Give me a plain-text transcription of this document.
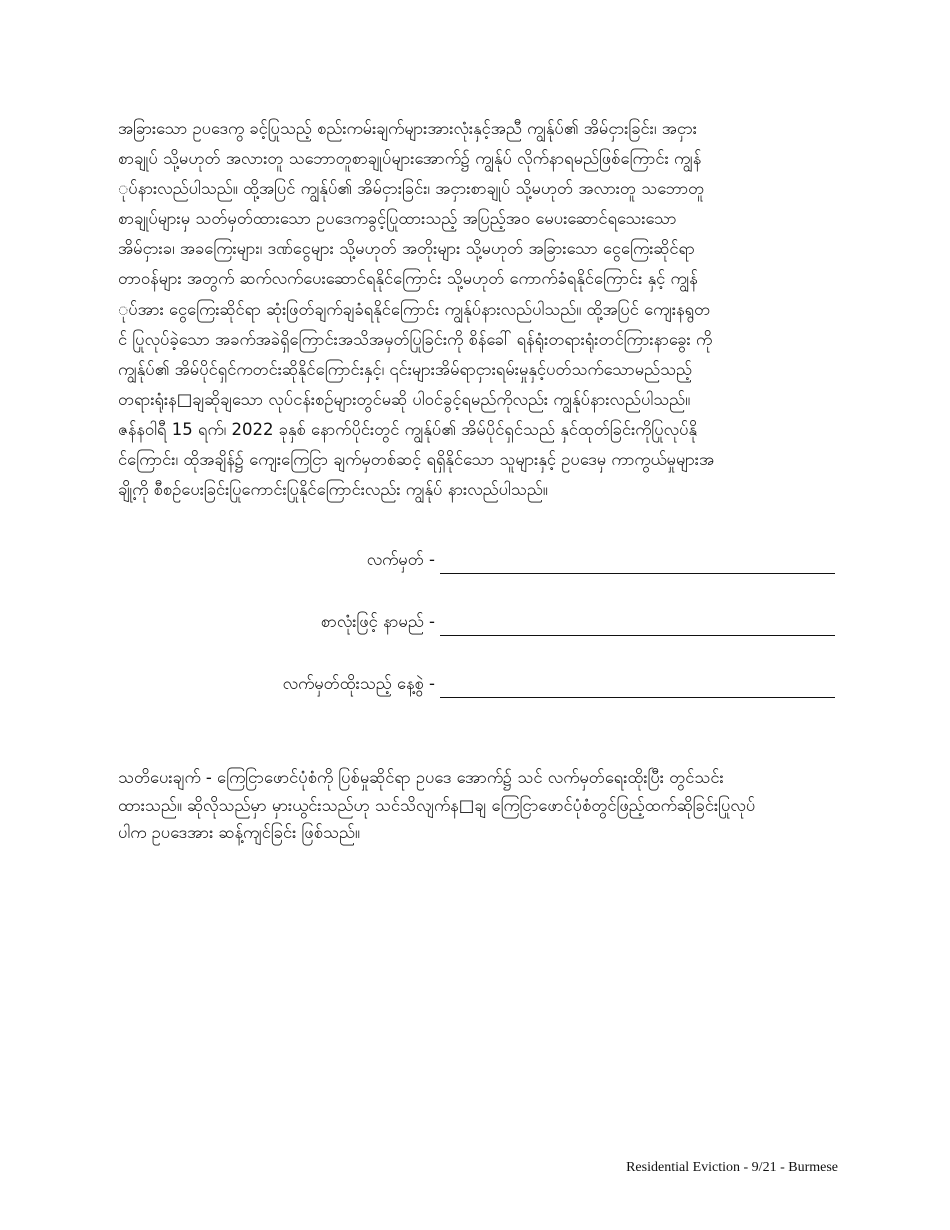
အခြားသော ဥပဒေကွ ခင့်ပြုသည့် စည်းကမ်းချက်များအားလုံးနှင့်အညီ ကျွန်ုပ်၏ အိမ်ငှားခြင်း၊ အငှား
စာချုပ် သို့မဟုတ် အလားတူ သဘောတူစာချုပ်များအောက်၌ ကျွန်ုပ် လိုက်နာရမည်ဖြစ်ကြောင်း ကျွန်
ုပ်နားလည်ပါသည်။ ထို့အပြင် ကျွန်ုပ်၏ အိမ်ငှားခြင်း၊ အငှားစာချုပ် သို့မဟုတ် အလားတူ သဘောတူ
စာချုပ်များမှ သတ်မှတ်ထားသော ဥပဒေကခွင့်ပြုထားသည့် အပြည့်အဝ မေပးဆောင်ရသေးသော
အိမ်ငှားခ၊ အခကြေးများ၊ ဒဏ်ငွေများ သို့မဟုတ် အတိုးများ သို့မဟုတ် အခြားသော ငွေကြေးဆိုင်ရာ
တာဝန်များ အတွက် ဆက်လက်ပေးဆောင်ရနိုင်ကြောင်း သို့မဟုတ် ကောက်ခံရနိုင်ကြောင်း နှင့် ကျွန်
ုပ်အား ငွေကြေးဆိုင်ရာ ဆုံးဖြတ်ချက်ချခံရနိုင်ကြောင်း ကျွန်ုပ်နားလည်ပါသည်။ ထို့အပြင် ကျေးနရွတ
င် ပြုလုပ်ခဲ့သော အခက်အခဲရှိကြောင်းအသိအမှတ်ပြုခြင်းကို စိန်ခေါ် ရန်ရုံးတရားရုံးတင်ကြားနာခွေး ကို
ကျွန်ုပ်၏ အိမ်ပိုင်ရှင်ကတင်းဆိုနိုင်ကြောင်းနှင့်၊ ၎င်းများအိမ်ရာငှားရမ်းမှုနှင့်ပတ်သက်သောမည်သည့်
တရားရုံးန□ချဆိုချသော လုပ်ငန်းစဉ်များတွင်မဆို ပါဝင်ခွင့်ရမည်ကိုလည်း ကျွန်ုပ်နားလည်ပါသည်။
ဇန်နဝါရီ 15 ရက်၊ 2022 ခုနှစ် နောက်ပိုင်းတွင် ကျွန်ုပ်၏ အိမ်ပိုင်ရှင်သည် နှင်ထုတ်ခြင်းကိုပြုလုပ်နို
င်ကြောင်း၊ ထိုအချိန်၌ ကျေးကြေငြာ ချက်မှတစ်ဆင့် ရရှိနိုင်သော သူများနှင့် ဥပဒေမှ ကာကွယ်မှုများအ
ချို့ကို စီစဉ်ပေးခြင်းပြုကောင်းပြုနိုင်ကြောင်းလည်း ကျွန်ုပ် နားလည်ပါသည်။
လက်မှတ် -
စာလုံးဖြင့် နာမည် -
လက်မှတ်ထိုးသည့် နေ့စွဲ -
သတိပေးချက် - ကြေငြာဖောင်ပုံစံကို ပြစ်မှုဆိုင်ရာ ဥပဒေ အောက်၌ သင် လက်မှတ်ရေးထိုးပြီး တွင်သင်း
ထားသည်။ ဆိုလိုသည်မှာ မှားယွင်းသည်ဟု သင်သိလျက်န□ချ ကြေငြာဖောင်ပုံစံတွင်ဖြည့်ထက်ဆိုခြင်းပြုလုပ်
ပါက ဥပဒေအား ဆန့်ကျင်ခြင်း ဖြစ်သည်။
Residential Eviction - 9/21 - Burmese
